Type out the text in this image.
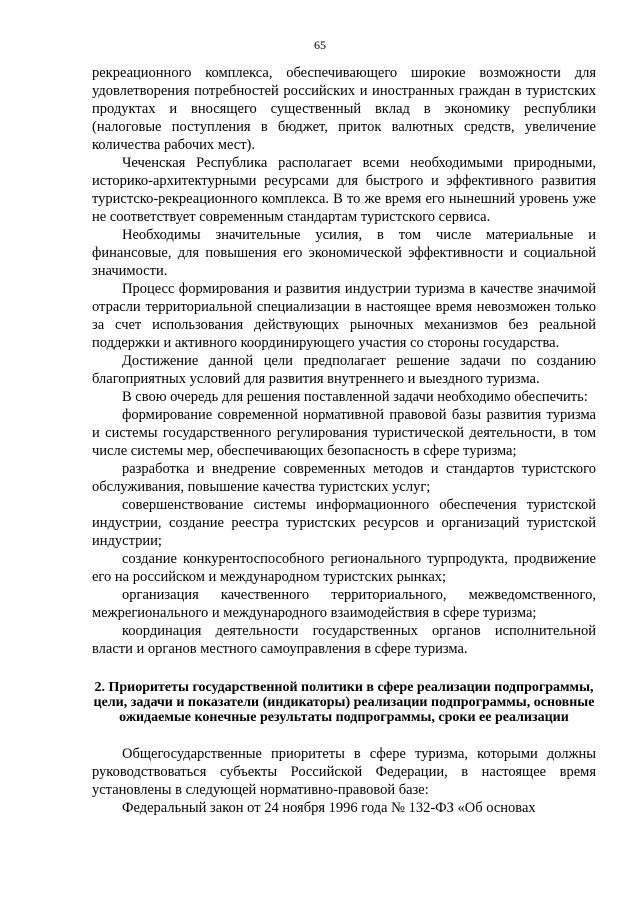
65

рекреационного комплекса, обеспечивающего широкие возможности для удовлетворения потребностей российских и иностранных граждан в туристских продуктах и вносящего существенный вклад в экономику республики (налоговые поступления в бюджет, приток валютных средств, увеличение количества рабочих мест).

Чеченская Республика располагает всеми необходимыми природными, историко-архитектурными ресурсами для быстрого и эффективного развития туристско-рекреационного комплекса. В то же время его нынешний уровень уже не соответствует современным стандартам туристского сервиса.

Необходимы значительные усилия, в том числе материальные и финансовые, для повышения его экономической эффективности и социальной значимости.

Процесс формирования и развития индустрии туризма в качестве значимой отрасли территориальной специализации в настоящее время невозможен только за счет использования действующих рыночных механизмов без реальной поддержки и активного координирующего участия со стороны государства.

Достижение данной цели предполагает решение задачи по созданию благоприятных условий для развития внутреннего и выездного туризма.

В свою очередь для решения поставленной задачи необходимо обеспечить:

формирование современной нормативной правовой базы развития туризма и системы государственного регулирования туристической деятельности, в том числе системы мер, обеспечивающих безопасность в сфере туризма;

разработка и внедрение современных методов и стандартов туристского обслуживания, повышение качества туристских услуг;

совершенствование системы информационного обеспечения туристской индустрии, создание реестра туристских ресурсов и организаций туристской индустрии;

создание конкурентоспособного регионального турпродукта, продвижение его на российском и международном туристских рынках;

организация качественного территориального, межведомственного, межрегионального и международного взаимодействия в сфере туризма;

координация деятельности государственных органов исполнительной власти и органов местного самоуправления в сфере туризма.

2. Приоритеты государственной политики в сфере реализации подпрограммы, цели, задачи и показатели (индикаторы) реализации подпрограммы, основные ожидаемые конечные результаты подпрограммы, сроки ее реализации

Общегосударственные приоритеты в сфере туризма, которыми должны руководствоваться субъекты Российской Федерации, в настоящее время установлены в следующей нормативно-правовой базе:

Федеральный закон от 24 ноября 1996 года № 132-ФЗ «Об основах
